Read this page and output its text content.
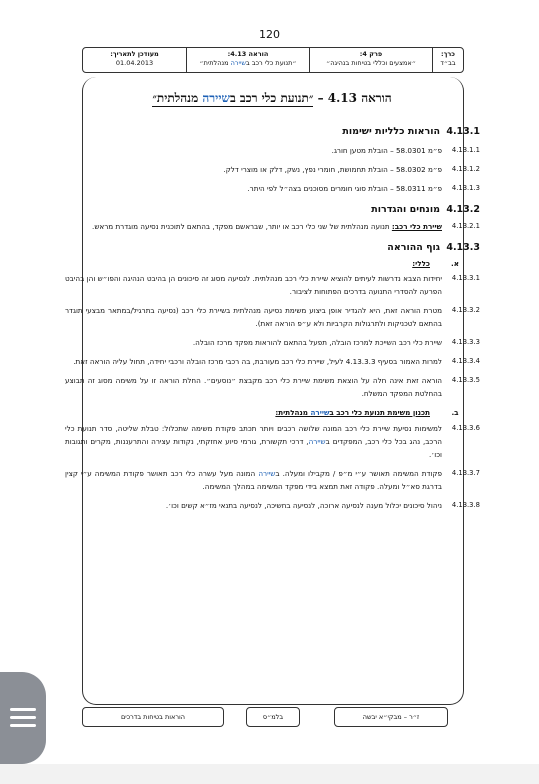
120
כרך:
בב״ד
פרק 4:
״אמצעים וכללי בטיחות בנהיגה״
הוראה 4.13:
״תנועת כלי רכב בשיירה מנהלתית״
מעודכן לתאריך:
01.04.2013
הוראה 4.13 – ״תנועת כלי רכב בשיירה מנהלתית״
4.13.1
הוראות כלליות ישימות
4.13.1.1
פ״מ 58.0301 – הובלת מטען חורג.
4.13.1.2
פ״מ 58.0302 – הובלת תחמושת, חומרי נפץ, נשק, דלק או מוצרי דלק.
4.13.1.3
פ״מ 58.0311 – הובלת סוגי חומרים מסוכנים בצה״ל לפי היתר.
4.13.2
מונחים והגדרות
4.13.2.1
שיירת כלי רכב: תנועה מנהלתית של שני כלי רכב או יותר, שבראשם מפקד, בהתאם לתוכנית נסיעה מוגדרת מראש.
4.13.3
גוף ההוראה
א.
כללי:
4.13.3.1
יחידות הצבא נדרשות לעיתים להוציא שיירת כלי רכב מנהלתית. לנסיעה מסוג זה סיכונים הן בהיבט הנהיגה והפו״ש והן בהיבט הפרעה להסדרי התנועה בדרכים הפתוחות לציבור.
4.13.3.2
מטרת הוראה זאת, היא להגדיר אופן ביצוע משימת נסיעה מנהלתית בשיירת כלי רכב (נסיעה בתרגיל/במתאר מבצעי תוגדר בהתאם לטכניקות ולתרגולות הקרביות ולא ע״פ הוראה זאת).
4.13.3.3
שיירת כלי רכב השייכת למרכז הובלה, תפעל בהתאם להוראות מפקד מרכז הובלה.
4.13.3.4
למרות האמור בסעיף 4.13.3.3 לעיל, שיירת כלי רכב מעורבת, בה רכבי מרכז הובלה ורכבי יחידה, תחול עליה הוראה זאת.
4.13.3.5
הוראה זאת אינה חלה על הוצאת משימת שיירת כלי רכב מקבצת ״נוסעים״. החלת הוראה זו על משימה מסוג זה תבוצע בהחלטת המפקד המשלח.
ב.
תכנון משימת תנועת כלי רכב בשיירה מנהלתית:
4.13.3.6
למשימות נסיעת שיירת כלי רכב המונה שלושה רכבים ויותר תכתב פקודת משימה שתכלול: טבלת שליטה, סדר תנועת כלי הרכב, נהג בכל כלי רכב, המפקדים בשיירה, דרכי תקשורת, גורמי סיוע אחזקתי, נקודות עצירה והתרעננות, מקרים ותגובות וכו׳.
4.13.3.7
פקודת המשימה תאושר ע״י מ״פ / מקבילו ומעלה. בשיירה המונה מעל עשרה כלי רכב תאושר פקודת המשימה ע״י קצין בדרגת סא״ל ומעלה. פקודה זאת תמצא בידי מפקד המשימה במהלך המשימה.
4.13.3.8
ניהול סיכונים יכלול מענה לנסיעה ארוכה, לנסיעה בחשיכה, לנסיעה בתנאי מז״א קשים וכו׳.
ז״ר – מבקי״א יבשה
בלמ״ס
הוראות בטיחות בדרכים
